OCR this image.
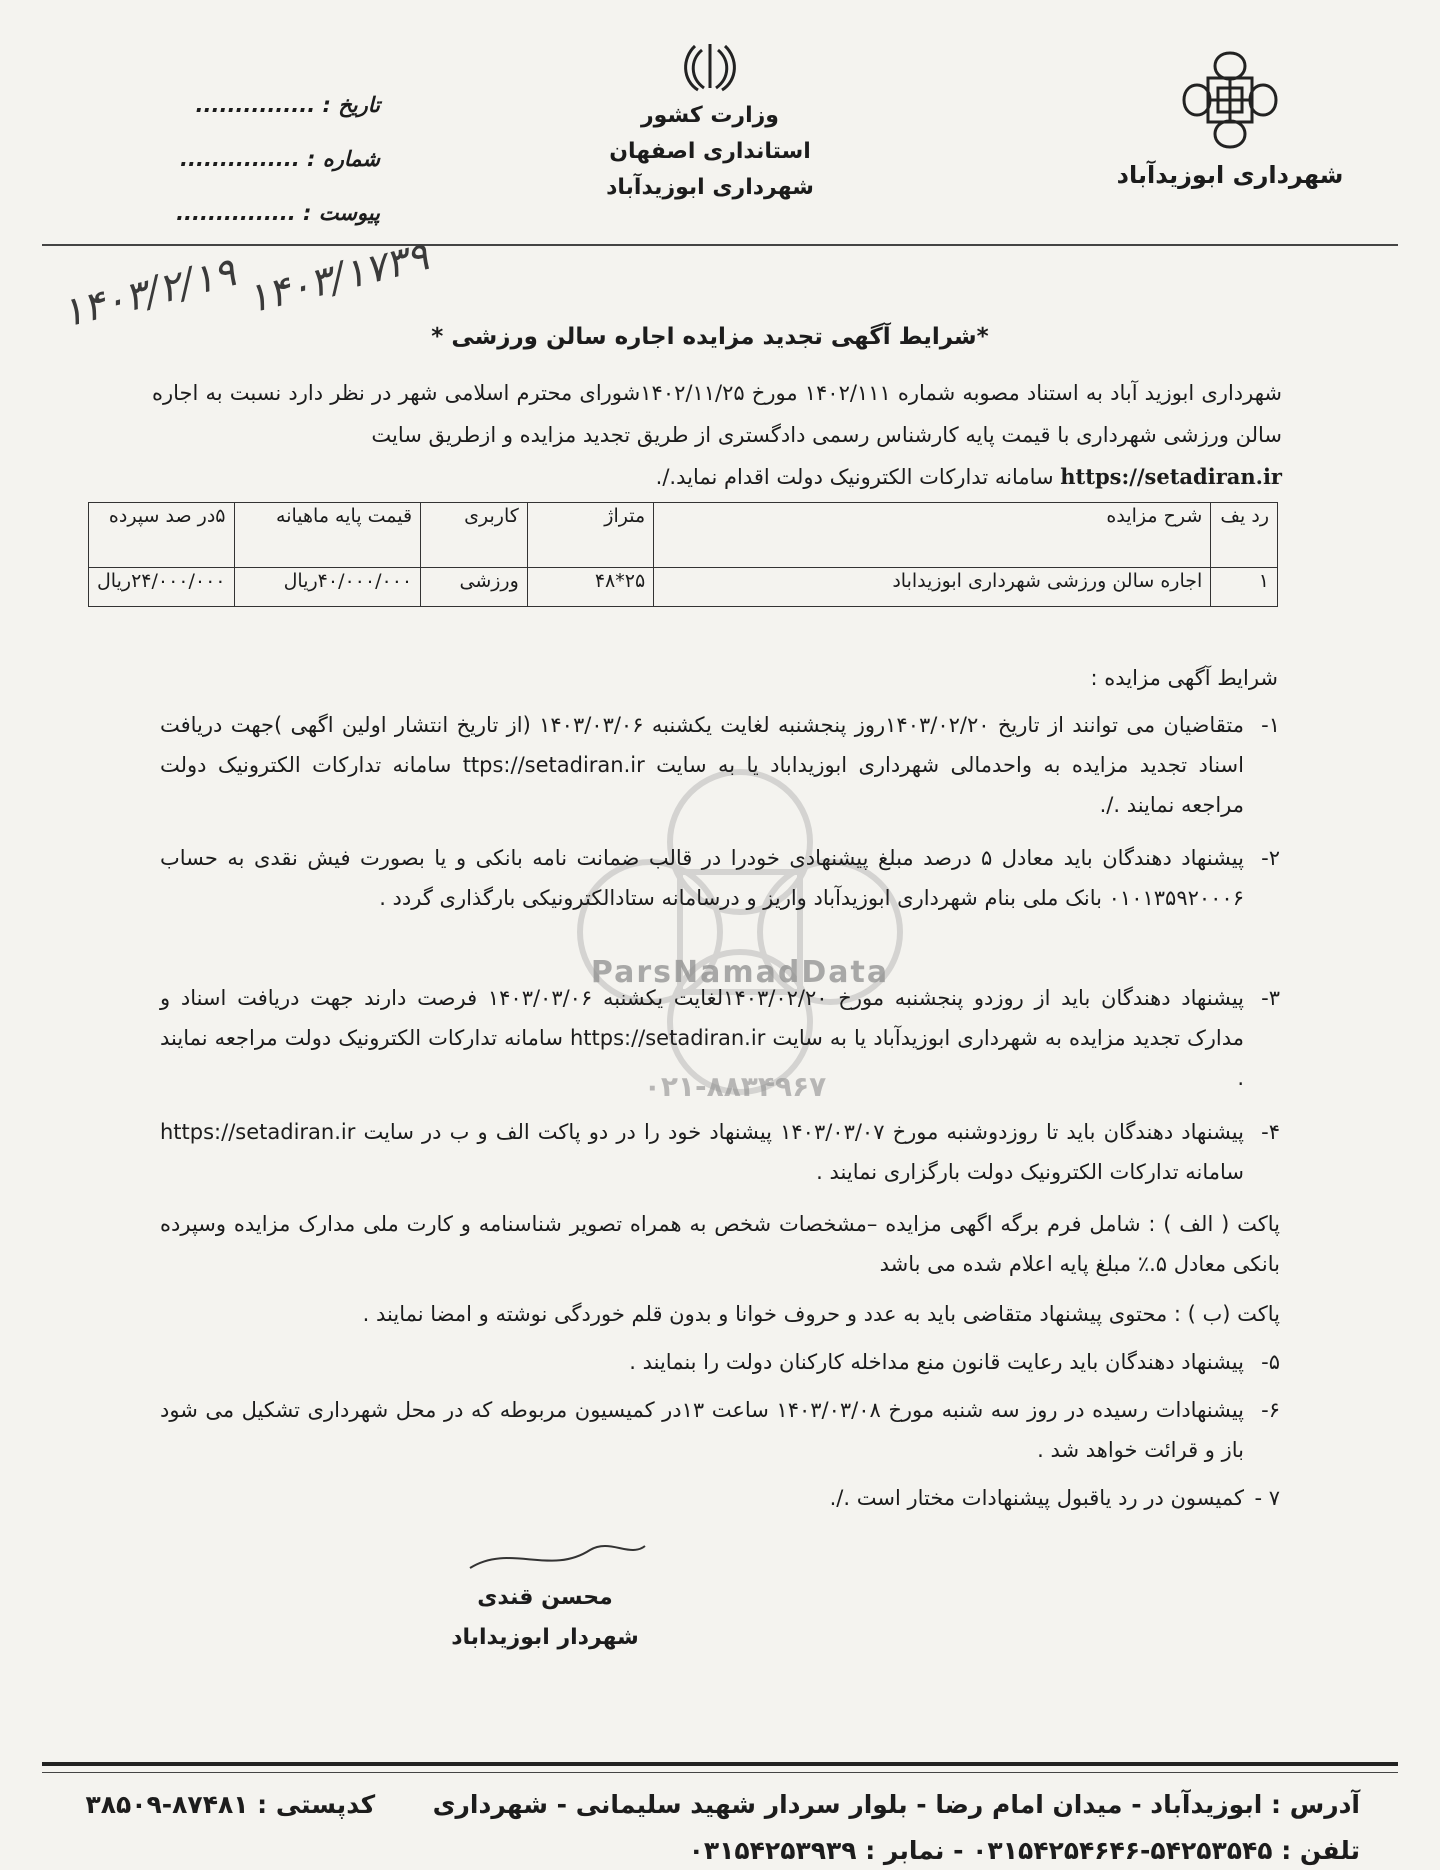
شهرداری ابوزیدآباد
وزارت کشور
استانداری اصفهان
شهرداری ابوزیدآباد
تاریخ : ...............
شماره : ...............
پیوست : ...............
۱۴۰۳/۲/۱۹ ۱۴۰۳/۱۷۳۹
*شرایط آگهی تجدید مزایده اجاره سالن ورزشی *
شهرداری ابوزید آباد به استناد مصوبه شماره ۱۴۰۲/۱۱۱ مورخ ۱۴۰۲/۱۱/۲۵شورای محترم اسلامی شهر در نظر دارد نسبت به اجاره سالن ورزشی شهرداری با قیمت پایه کارشناس رسمی دادگستری از طریق تجدید مزایده و ازطریق سایت
https://setadiran.ir سامانه تدارکات الکترونیک دولت اقدام نماید./.
رد یف	شرح مزایده	متراژ	کاربری	قیمت پایه ماهیانه	۵در صد سپرده
۱	اجاره سالن ورزشی شهرداری ابوزیداباد	۲۵*۴۸	ورزشی	۴۰/۰۰۰/۰۰۰ریال	۲۴/۰۰۰/۰۰۰ریال
ParsNamadData
۰۲۱-۸۸۳۴۹۶۷
شرایط آگهی مزایده :
۱-
متقاضیان می توانند از تاریخ ۱۴۰۳/۰۲/۲۰روز پنجشنبه لغایت یکشنبه ۱۴۰۳/۰۳/۰۶ (از تاریخ انتشار اولین اگهی )جهت دریافت اسناد تجدید مزایده به واحدمالی شهرداری ابوزیداباد یا به سایت ttps://setadiran.ir سامانه تدارکات الکترونیک دولت مراجعه نمایند ./.
۲-
پیشنهاد دهندگان باید معادل ۵ درصد مبلغ پیشنهادی خودرا در قالب ضمانت نامه بانکی و یا بصورت فیش نقدی به حساب ۰۱۰۱۳۵۹۲۰۰۰۶ بانک ملی بنام شهرداری ابوزیدآباد واریز و درسامانه ستادالکترونیکی بارگذاری گردد .
۳-
پیشنهاد دهندگان باید از روزدو پنجشنبه مورخ ۱۴۰۳/۰۲/۲۰لغایت یکشنبه ۱۴۰۳/۰۳/۰۶ فرصت دارند جهت دریافت اسناد و مدارک تجدید مزایده به شهرداری ابوزیدآباد یا به سایت https://setadiran.ir سامانه تدارکات الکترونیک دولت مراجعه نمایند .
۴-
پیشنهاد دهندگان باید تا روزدوشنبه مورخ ۱۴۰۳/۰۳/۰۷ پیشنهاد خود را در دو پاکت الف و ب در سایت https://setadiran.ir سامانه تدارکات الکترونیک دولت بارگزاری نمایند .
پاکت ( الف ) : شامل فرم برگه اگهی مزایده –مشخصات شخص به همراه تصویر شناسنامه و کارت ملی مدارک مزایده وسپرده بانکی معادل ۵.٪ مبلغ پایه اعلام شده می باشد
پاکت (ب ) : محتوی پیشنهاد متقاضی باید به عدد و حروف خوانا و بدون قلم خوردگی نوشته و امضا نمایند .
۵-
پیشنهاد دهندگان باید رعایت قانون منع مداخله کارکنان دولت را بنمایند .
۶-
پیشنهادات رسیده در روز سه شنبه مورخ ۱۴۰۳/۰۳/۰۸ ساعت ۱۳در کمیسیون مربوطه که در محل شهرداری تشکیل می شود باز و قرائت خواهد شد .
۷ -
کمیسون در رد یاقبول پیشنهادات مختار است ./.
محسن قندی
شهردار ابوزیداباد
آدرس : ابوزیدآباد - میدان امام رضا - بلوار سردار شهید سلیمانی - شهرداری  کدپستی : ۸۷۴۸۱-۳۸۵۰۹
تلفن : ۵۴۲۵۳۵۴۵-۰۳۱۵۴۲۵۴۶۴۶ - نمابر : ۰۳۱۵۴۲۵۳۹۳۹
